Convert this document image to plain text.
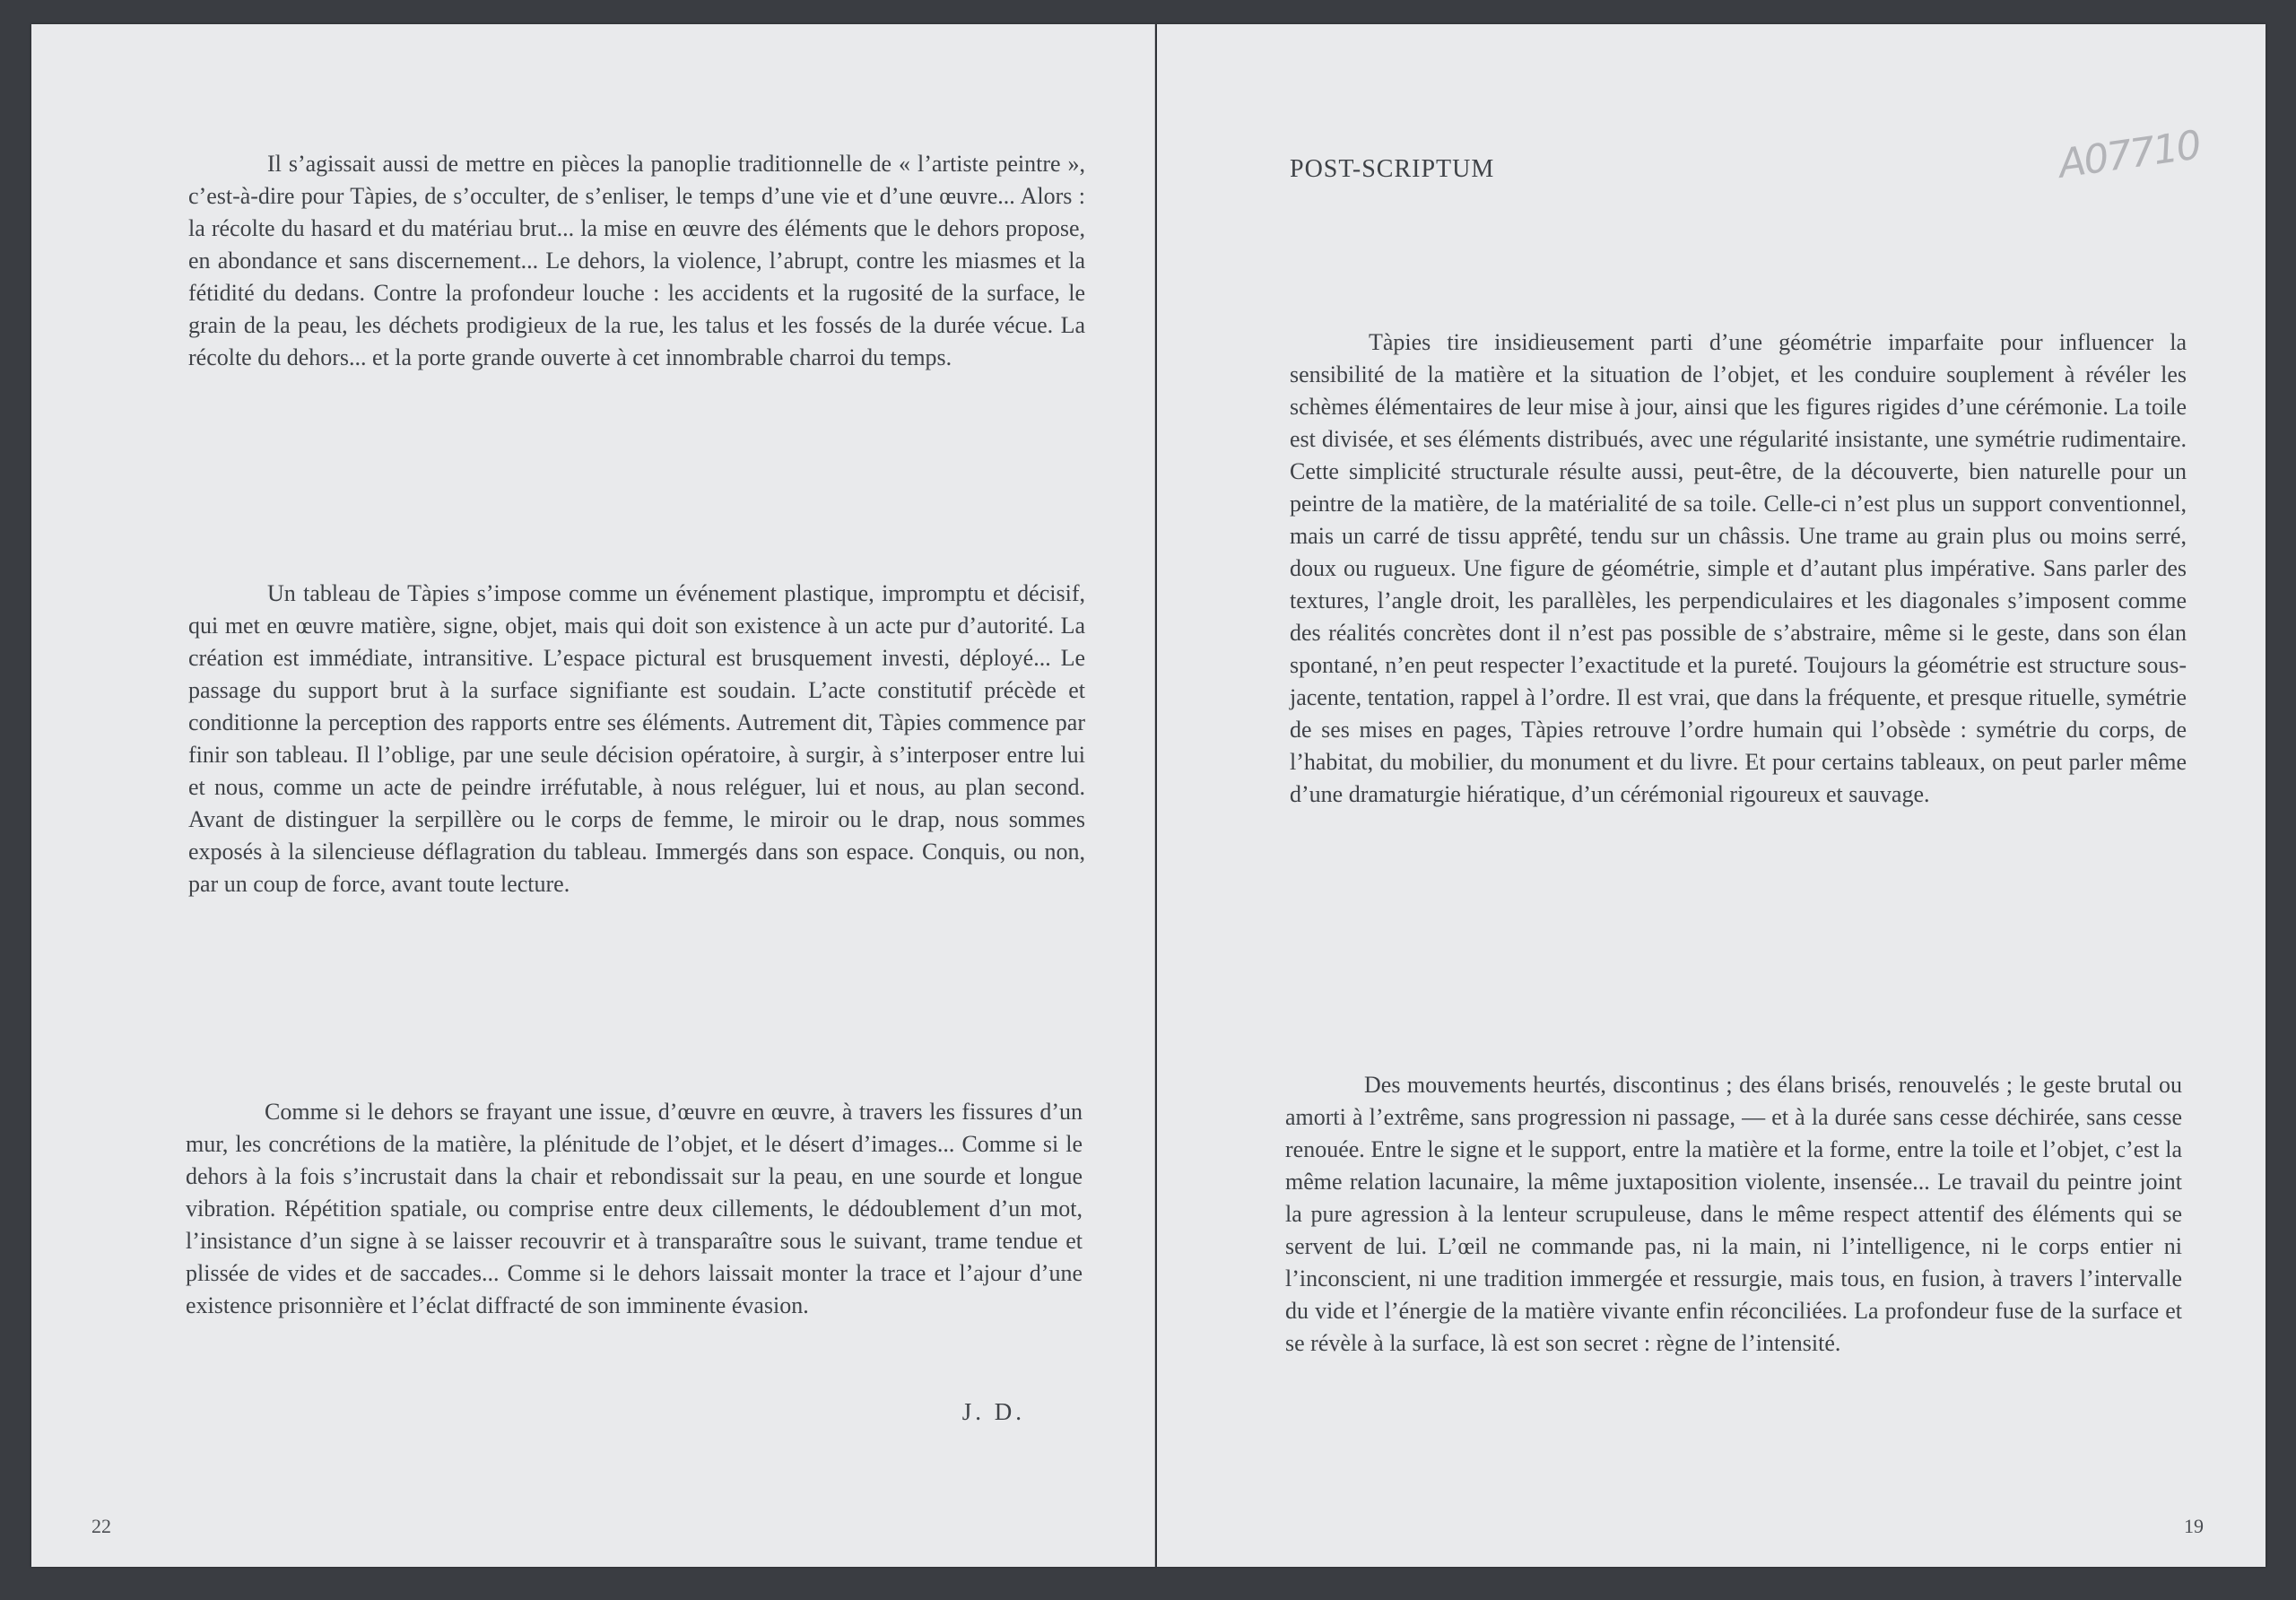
Il s’agissait aussi de mettre en pièces la panoplie traditionnelle de « l’artiste peintre », c’est-à-dire pour Tàpies, de s’occulter, de s’enliser, le temps d’une vie et d’une œuvre... Alors : la récolte du hasard et du matériau brut... la mise en œuvre des éléments que le dehors propose, en abondance et sans discernement... Le dehors, la violence, l’abrupt, contre les miasmes et la fétidité du dedans. Contre la profondeur louche : les accidents et la rugosité de la surface, le grain de la peau, les déchets prodigieux de la rue, les talus et les fossés de la durée vécue. La récolte du dehors... et la porte grande ouverte à cet innombrable charroi du temps.

Un tableau de Tàpies s’impose comme un événement plastique, impromptu et décisif, qui met en œuvre matière, signe, objet, mais qui doit son existence à un acte pur d’autorité. La création est immédiate, intransitive. L’espace pictural est brusquement investi, déployé... Le passage du support brut à la surface signifiante est soudain. L’acte constitutif précède et conditionne la perception des rapports entre ses éléments. Autrement dit, Tàpies commence par finir son tableau. Il l’oblige, par une seule décision opératoire, à surgir, à s’interposer entre lui et nous, comme un acte de peindre irréfutable, à nous reléguer, lui et nous, au plan second. Avant de distinguer la serpillère ou le corps de femme, le miroir ou le drap, nous sommes exposés à la silencieuse déflagration du tableau. Immergés dans son espace. Conquis, ou non, par un coup de force, avant toute lecture.

Comme si le dehors se frayant une issue, d’œuvre en œuvre, à travers les fissures d’un mur, les concrétions de la matière, la plénitude de l’objet, et le désert d’images... Comme si le dehors à la fois s’incrustait dans la chair et rebondissait sur la peau, en une sourde et longue vibration. Répétition spatiale, ou comprise entre deux cillements, le dédoublement d’un mot, l’insistance d’un signe à se laisser recouvrir et à transparaître sous le suivant, trame tendue et plissée de vides et de saccades... Comme si le dehors laissait monter la trace et l’ajour d’une existence prisonnière et l’éclat diffracté de son imminente évasion.

J. D.
22
POST-SCRIPTUM	A07710

Tàpies tire insidieusement parti d’une géométrie imparfaite pour influencer la sensibilité de la matière et la situation de l’objet, et les conduire souplement à révéler les schèmes élémentaires de leur mise à jour, ainsi que les figures rigides d’une cérémonie. La toile est divisée, et ses éléments distribués, avec une régularité insistante, une symétrie rudimentaire. Cette simplicité structurale résulte aussi, peut-être, de la découverte, bien naturelle pour un peintre de la matière, de la matérialité de sa toile. Celle-ci n’est plus un support conventionnel, mais un carré de tissu apprêté, tendu sur un châssis. Une trame au grain plus ou moins serré, doux ou rugueux. Une figure de géométrie, simple et d’autant plus impérative. Sans parler des textures, l’angle droit, les parallèles, les perpendiculaires et les diagonales s’imposent comme des réalités concrètes dont il n’est pas possible de s’abstraire, même si le geste, dans son élan spontané, n’en peut respecter l’exactitude et la pureté. Toujours la géométrie est structure sous-jacente, tentation, rappel à l’ordre. Il est vrai, que dans la fréquente, et presque rituelle, symétrie de ses mises en pages, Tàpies retrouve l’ordre humain qui l’obsède : symétrie du corps, de l’habitat, du mobilier, du monument et du livre. Et pour certains tableaux, on peut parler même d’une dramaturgie hiératique, d’un cérémonial rigoureux et sauvage.

Des mouvements heurtés, discontinus ; des élans brisés, renouvelés ; le geste brutal ou amorti à l’extrême, sans progression ni passage, — et à la durée sans cesse déchirée, sans cesse renouée. Entre le signe et le support, entre la matière et la forme, entre la toile et l’objet, c’est la même relation lacunaire, la même juxtaposition violente, insensée... Le travail du peintre joint la pure agression à la lenteur scrupuleuse, dans le même respect attentif des éléments qui se servent de lui. L’œil ne commande pas, ni la main, ni l’intelligence, ni le corps entier ni l’inconscient, ni une tradition immergée et ressurgie, mais tous, en fusion, à travers l’intervalle du vide et l’énergie de la matière vivante enfin réconciliées. La profondeur fuse de la surface et se révèle à la surface, là est son secret : règne de l’intensité.

19
